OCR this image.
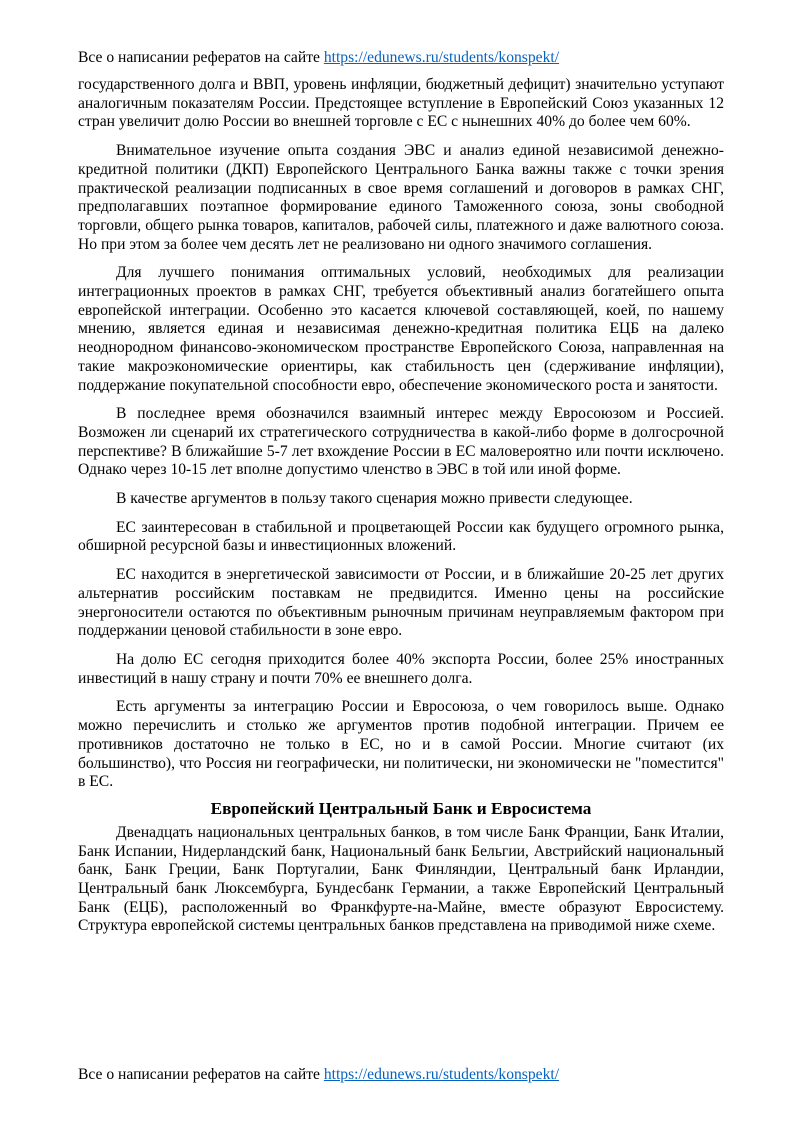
Все о написании рефератов на сайте https://edunews.ru/students/konspekt/

государственного долга и ВВП, уровень инфляции, бюджетный дефицит) значительно уступают аналогичным показателям России. Предстоящее вступление в Европейский Союз указанных 12 стран увеличит долю России во внешней торговле с ЕС с нынешних 40% до более чем 60%.

Внимательное изучение опыта создания ЭВС и анализ единой независимой денежно-кредитной политики (ДКП) Европейского Центрального Банка важны также с точки зрения практической реализации подписанных в свое время соглашений и договоров в рамках СНГ, предполагавших поэтапное формирование единого Таможенного союза, зоны свободной торговли, общего рынка товаров, капиталов, рабочей силы, платежного и даже валютного союза. Но при этом за более чем десять лет не реализовано ни одного значимого соглашения.

Для лучшего понимания оптимальных условий, необходимых для реализации интеграционных проектов в рамках СНГ, требуется объективный анализ богатейшего опыта европейской интеграции. Особенно это касается ключевой составляющей, коей, по нашему мнению, является единая и независимая денежно-кредитная политика ЕЦБ на далеко неоднородном финансово-экономическом пространстве Европейского Союза, направленная на такие макроэкономические ориентиры, как стабильность цен (сдерживание инфляции), поддержание покупательной способности евро, обеспечение экономического роста и занятости.

В последнее время обозначился взаимный интерес между Евросоюзом и Россией. Возможен ли сценарий их стратегического сотрудничества в какой-либо форме в долгосрочной перспективе? В ближайшие 5-7 лет вхождение России в ЕС маловероятно или почти исключено. Однако через 10-15 лет вполне допустимо членство в ЭВС в той или иной форме.

В качестве аргументов в пользу такого сценария можно привести следующее.

ЕС заинтересован в стабильной и процветающей России как будущего огромного рынка, обширной ресурсной базы и инвестиционных вложений.

ЕС находится в энергетической зависимости от России, и в ближайшие 20-25 лет других альтернатив российским поставкам не предвидится. Именно цены на российские энергоносители остаются по объективным рыночным причинам неуправляемым фактором при поддержании ценовой стабильности в зоне евро.

На долю ЕС сегодня приходится более 40% экспорта России, более 25% иностранных инвестиций в нашу страну и почти 70% ее внешнего долга.

Есть аргументы за интеграцию России и Евросоюза, о чем говорилось выше. Однако можно перечислить и столько же аргументов против подобной интеграции. Причем ее противников достаточно не только в ЕС, но и в самой России. Многие считают (их большинство), что Россия ни географически, ни политически, ни экономически не "поместится" в ЕС.

Европейский Центральный Банк и Евросистема

Двенадцать национальных центральных банков, в том числе Банк Франции, Банк Италии, Банк Испании, Нидерландский банк, Национальный банк Бельгии, Австрийский национальный банк, Банк Греции, Банк Португалии, Банк Финляндии, Центральный банк Ирландии, Центральный банк Люксембурга, Бундесбанк Германии, а также Европейский Центральный Банк (ЕЦБ), расположенный во Франкфурте-на-Майне, вместе образуют Евросистему. Структура европейской системы центральных банков представлена на приводимой ниже схеме.

Все о написании рефератов на сайте https://edunews.ru/students/konspekt/
